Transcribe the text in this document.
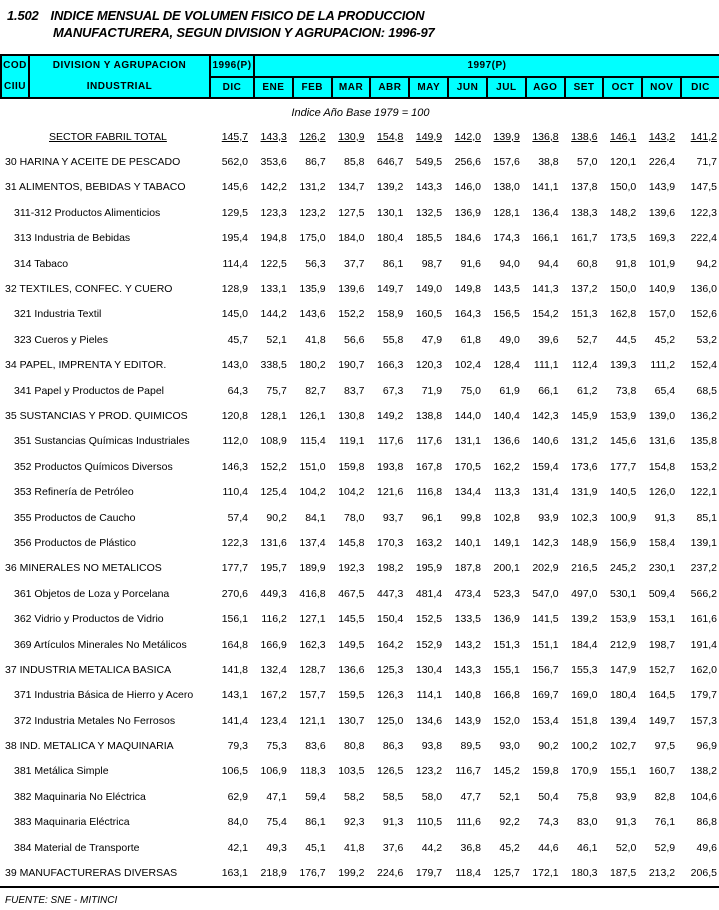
1.502 INDICE MENSUAL DE VOLUMEN FISICO DE LA PRODUCCION
MANUFACTURERA, SEGUN DIVISION Y AGRUPACION: 1996-97
COD
CIIU	DIVISION Y AGRUPACION
INDUSTRIAL	1996(P)	1997(P)											
		DIC	ENE	FEB	MAR	ABR	MAY	JUN	JUL	AGO	SET	OCT	NOV	DIC
Indice Año Base 1979 = 100														
SECTOR FABRIL TOTAL		145,7	143,3	126,2	130,9	154,8	149,9	142,0	139,9	136,8	138,6	146,1	143,2	141,2
30 HARINA Y ACEITE DE PESCADO		562,0	353,6	86,7	85,8	646,7	549,5	256,6	157,6	38,8	57,0	120,1	226,4	71,7
31 ALIMENTOS, BEBIDAS Y TABACO		145,6	142,2	131,2	134,7	139,2	143,3	146,0	138,0	141,1	137,8	150,0	143,9	147,5
311-312 Productos Alimenticios		129,5	123,3	123,2	127,5	130,1	132,5	136,9	128,1	136,4	138,3	148,2	139,6	122,3
313 Industria de Bebidas		195,4	194,8	175,0	184,0	180,4	185,5	184,6	174,3	166,1	161,7	173,5	169,3	222,4
314 Tabaco		114,4	122,5	56,3	37,7	86,1	98,7	91,6	94,0	94,4	60,8	91,8	101,9	94,2
32 TEXTILES, CONFEC. Y CUERO		128,9	133,1	135,9	139,6	149,7	149,0	149,8	143,5	141,3	137,2	150,0	140,9	136,0
321 Industria Textil		145,0	144,2	143,6	152,2	158,9	160,5	164,3	156,5	154,2	151,3	162,8	157,0	152,6
323 Cueros y Pieles		45,7	52,1	41,8	56,6	55,8	47,9	61,8	49,0	39,6	52,7	44,5	45,2	53,2
34 PAPEL, IMPRENTA Y EDITOR.		143,0	338,5	180,2	190,7	166,3	120,3	102,4	128,4	111,1	112,4	139,3	111,2	152,4
341 Papel y Productos de Papel		64,3	75,7	82,7	83,7	67,3	71,9	75,0	61,9	66,1	61,2	73,8	65,4	68,5
35 SUSTANCIAS Y PROD. QUIMICOS		120,8	128,1	126,1	130,8	149,2	138,8	144,0	140,4	142,3	145,9	153,9	139,0	136,2
351 Sustancias Químicas Industriales		112,0	108,9	115,4	119,1	117,6	117,6	131,1	136,6	140,6	131,2	145,6	131,6	135,8
352 Productos Químicos Diversos		146,3	152,2	151,0	159,8	193,8	167,8	170,5	162,2	159,4	173,6	177,7	154,8	153,2
353 Refinería de Petróleo		110,4	125,4	104,2	104,2	121,6	116,8	134,4	113,3	131,4	131,9	140,5	126,0	122,1
355 Productos de Caucho		57,4	90,2	84,1	78,0	93,7	96,1	99,8	102,8	93,9	102,3	100,9	91,3	85,1
356 Productos de Plástico		122,3	131,6	137,4	145,8	170,3	163,2	140,1	149,1	142,3	148,9	156,9	158,4	139,1
36 MINERALES NO METALICOS		177,7	195,7	189,9	192,3	198,2	195,9	187,8	200,1	202,9	216,5	245,2	230,1	237,2
361 Objetos de Loza y Porcelana		270,6	449,3	416,8	467,5	447,3	481,4	473,4	523,3	547,0	497,0	530,1	509,4	566,2
362 Vidrio y Productos de Vidrio		156,1	116,2	127,1	145,5	150,4	152,5	133,5	136,9	141,5	139,2	153,9	153,1	161,6
369 Artículos Minerales No Metálicos		164,8	166,9	162,3	149,5	164,2	152,9	143,2	151,3	151,1	184,4	212,9	198,7	191,4
37 INDUSTRIA METALICA BASICA		141,8	132,4	128,7	136,6	125,3	130,4	143,3	155,1	156,7	155,3	147,9	152,7	162,0
371 Industria Básica de Hierro y Acero		143,1	167,2	157,7	159,5	126,3	114,1	140,8	166,8	169,7	169,0	180,4	164,5	179,7
372 Industria Metales No Ferrosos		141,4	123,4	121,1	130,7	125,0	134,6	143,9	152,0	153,4	151,8	139,4	149,7	157,3
38 IND. METALICA Y MAQUINARIA		79,3	75,3	83,6	80,8	86,3	93,8	89,5	93,0	90,2	100,2	102,7	97,5	96,9
381 Metálica Simple		106,5	106,9	118,3	103,5	126,5	123,2	116,7	145,2	159,8	170,9	155,1	160,7	138,2
382 Maquinaria No Eléctrica		62,9	47,1	59,4	58,2	58,5	58,0	47,7	52,1	50,4	75,8	93,9	82,8	104,6
383 Maquinaria Eléctrica		84,0	75,4	86,1	92,3	91,3	110,5	111,6	92,2	74,3	83,0	91,3	76,1	86,8
384 Material de Transporte		42,1	49,3	45,1	41,8	37,6	44,2	36,8	45,2	44,6	46,1	52,0	52,9	49,6
39 MANUFACTURERAS DIVERSAS		163,1	218,9	176,7	199,2	224,6	179,7	118,4	125,7	172,1	180,3	187,5	213,2	206,5
FUENTE: SNE - MITINCI
